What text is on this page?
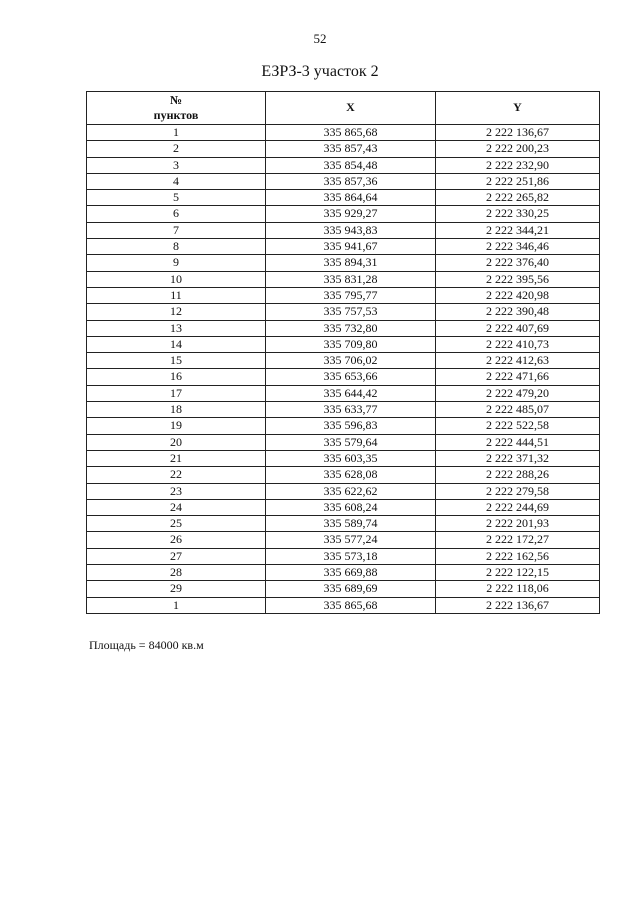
52
ЕЗРЗ-3 участок 2
№
пунктов	X	Y
1	335 865,68	2 222 136,67
2	335 857,43	2 222 200,23
3	335 854,48	2 222 232,90
4	335 857,36	2 222 251,86
5	335 864,64	2 222 265,82
6	335 929,27	2 222 330,25
7	335 943,83	2 222 344,21
8	335 941,67	2 222 346,46
9	335 894,31	2 222 376,40
10	335 831,28	2 222 395,56
11	335 795,77	2 222 420,98
12	335 757,53	2 222 390,48
13	335 732,80	2 222 407,69
14	335 709,80	2 222 410,73
15	335 706,02	2 222 412,63
16	335 653,66	2 222 471,66
17	335 644,42	2 222 479,20
18	335 633,77	2 222 485,07
19	335 596,83	2 222 522,58
20	335 579,64	2 222 444,51
21	335 603,35	2 222 371,32
22	335 628,08	2 222 288,26
23	335 622,62	2 222 279,58
24	335 608,24	2 222 244,69
25	335 589,74	2 222 201,93
26	335 577,24	2 222 172,27
27	335 573,18	2 222 162,56
28	335 669,88	2 222 122,15
29	335 689,69	2 222 118,06
1	335 865,68	2 222 136,67
Площадь = 84000 кв.м
